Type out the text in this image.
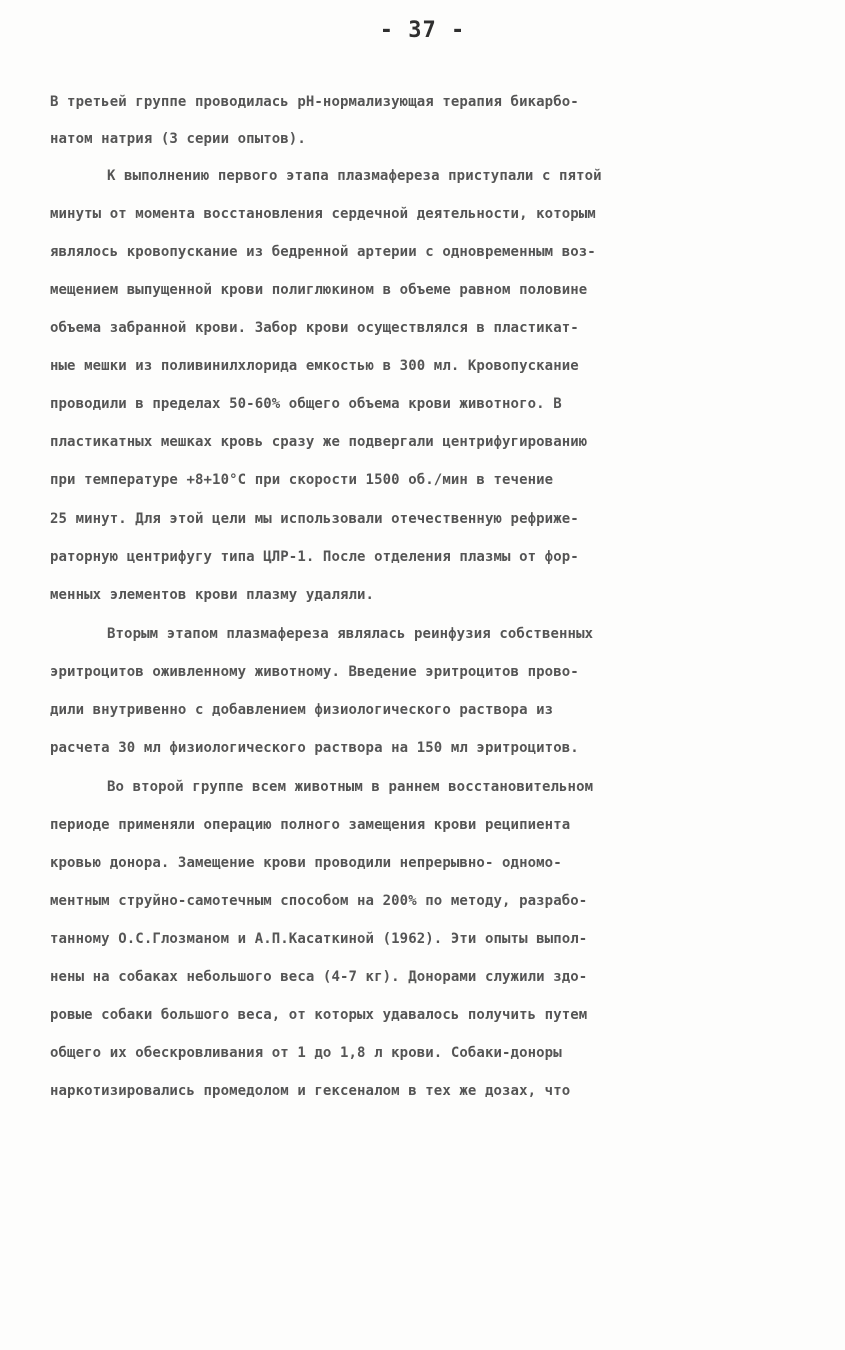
- 37 -
В третьей группе проводилась рН-нормализующая терапия бикарбо-
натом натрия (3 серии опытов).
К выполнению первого этапа плазмафереза приступали с пятой
минуты от момента восстановления сердечной деятельности, которым
являлось кровопускание из бедренной артерии с одновременным воз-
мещением выпущенной крови полиглюкином в объеме равном половине
объема забранной крови. Забор крови осуществлялся в пластикат-
ные мешки из поливинилхлорида емкостью в 300 мл. Кровопускание
проводили в пределах 50-60% общего объема крови животного. В
пластикатных мешках кровь сразу же подвергали центрифугированию
при температуре +8+10°С при скорости 1500 об./мин в течение
25 минут. Для этой цели мы использовали отечественную рефриже-
раторную центрифугу типа ЦЛР-1. После отделения плазмы от фор-
менных элементов крови плазму удаляли.
Вторым этапом плазмафереза являлась реинфузия собственных
эритроцитов оживленному животному. Введение эритроцитов прово-
дили внутривенно с добавлением физиологического раствора из
расчета 30 мл физиологического раствора на 150 мл эритроцитов.
Во второй группе всем животным в раннем восстановительном
периоде применяли операцию полного замещения крови реципиента
кровью донора. Замещение крови проводили непрерывно- одномо-
ментным струйно-самотечным способом на 200% по методу, разрабо-
танному О.С.Глозманом и А.П.Касаткиной (1962). Эти опыты выпол-
нены на собаках небольшого веса (4-7 кг). Донорами служили здо-
ровые собаки большого веса, от которых удавалось получить путем
общего их обескровливания от 1 до 1,8 л крови. Собаки-доноры
наркотизировались промедолом и гексеналом в тех же дозах, что
